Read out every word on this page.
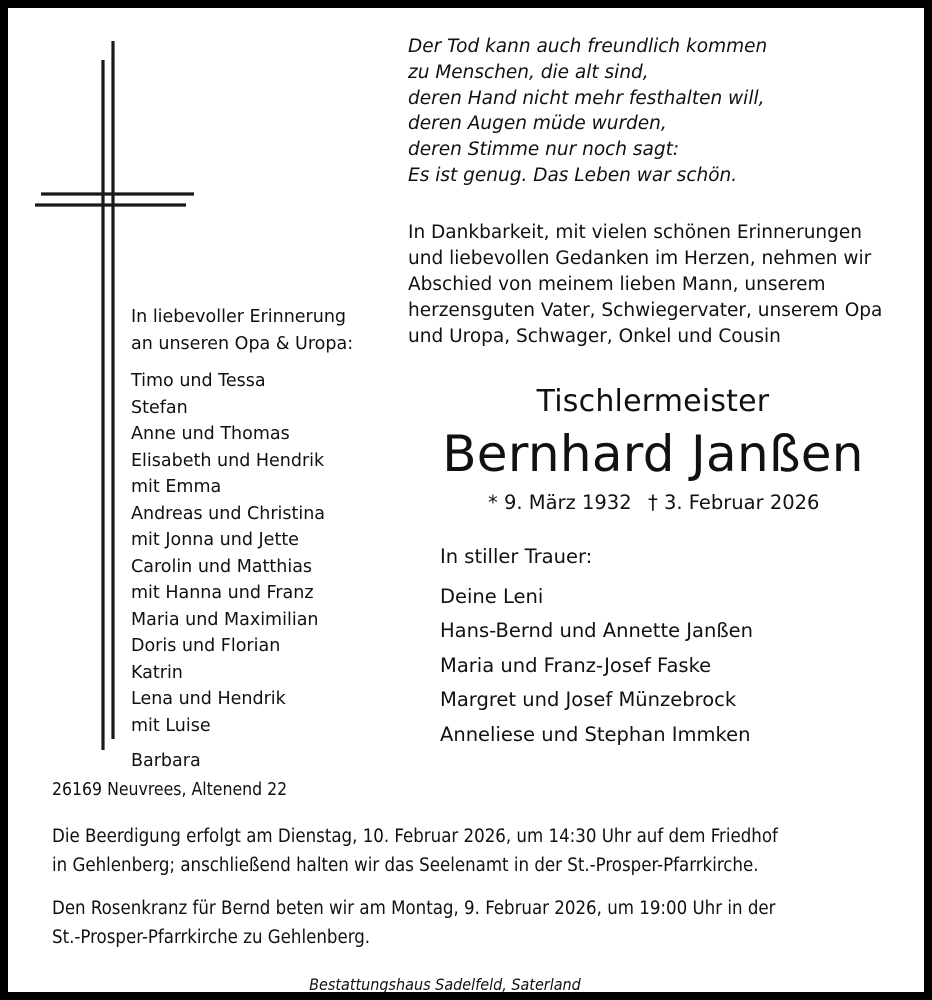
In liebevoller Erinnerung
an unseren Opa & Uropa:
Timo und Tessa
Stefan
Anne und Thomas
Elisabeth und Hendrik
mit Emma
Andreas und Christina
mit Jonna und Jette
Carolin und Matthias
mit Hanna und Franz
Maria und Maximilian
Doris und Florian
Katrin
Lena und Hendrik
mit Luise
Barbara
Der Tod kann auch freundlich kommen
zu Menschen, die alt sind,
deren Hand nicht mehr festhalten will,
deren Augen müde wurden,
deren Stimme nur noch sagt:
Es ist genug. Das Leben war schön.
In Dankbarkeit, mit vielen schönen Erinnerungen
und liebevollen Gedanken im Herzen, nehmen wir
Abschied von meinem lieben Mann, unserem
herzensguten Vater, Schwiegervater, unserem Opa
und Uropa, Schwager, Onkel und Cousin
Tischlermeister
Bernhard Janßen
* 9. März 1932 † 3. Februar 2026
In stiller Trauer:
Deine Leni
Hans-Bernd und Annette Janßen
Maria und Franz-Josef Faske
Margret und Josef Münzebrock
Anneliese und Stephan Immken
26169 Neuvrees, Altenend 22
Die Beerdigung erfolgt am Dienstag, 10. Februar 2026, um 14:30 Uhr auf dem Friedhof
in Gehlenberg; anschließend halten wir das Seelenamt in der St.-Prosper-Pfarrkirche.
Den Rosenkranz für Bernd beten wir am Montag, 9. Februar 2026, um 19:00 Uhr in der
St.-Prosper-Pfarrkirche zu Gehlenberg.
Bestattungshaus Sadelfeld, Saterland
